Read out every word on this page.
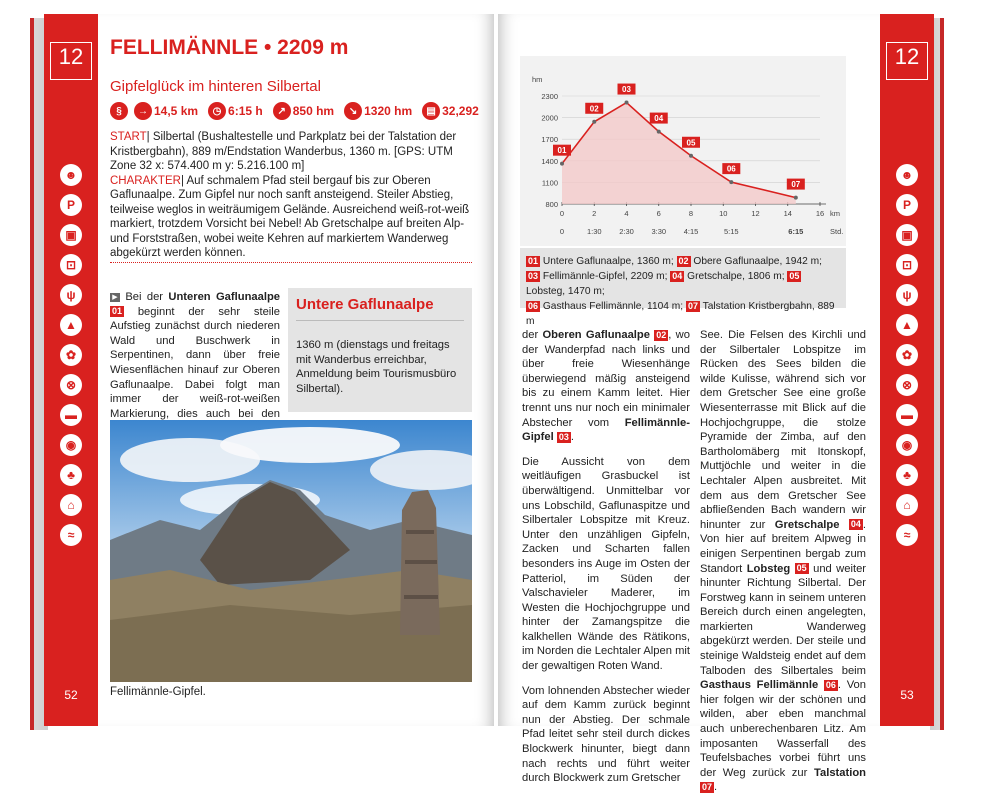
12
☻
P
▣
⊡
ψ
▲
✿
⊗
▬
◉
♣
⌂
≈
52
FELLIMÄNNLE • 2209 m
Gipfelglück im hinteren Silbertal
§	→ 14,5 km	◷ 6:15 h	↗ 850 hm	↘ 1320 hm	▤ 32,292
START| Silbertal (Bushaltestelle und Parkplatz bei der Talstation der Kristbergbahn), 889 m/Endstation Wanderbus, 1360 m. [GPS: UTM Zone 32 x: 574.400 m y: 5.216.100 m]
CHARAKTER| Auf schmalem Pfad steil bergauf bis zur Oberen Gaflunaalpe. Zum Gipfel nur noch sanft ansteigend. Steiler Abstieg, teilweise weglos in weiträumigem Gelände. Ausreichend weiß-rot-weiß markiert, trotzdem Vorsicht bei Nebel! Ab Gretschalpe auf breiten Alp- und Forststraßen, wobei weite Kehren auf markiertem Wanderweg abgekürzt werden können.
▶ Bei der Unteren Gaflunaalpe 01 beginnt der sehr steile Aufstieg zunächst durch niederen Wald und Buschwerk in Serpentinen, dann über freie Wiesenflächen hinauf zur Oberen Gaflunaalpe. Dabei folgt man immer der weiß-rot-weißen Markierung, dies auch bei den
Untere Gaflunaalpe
1360 m (dienstags und freitags mit Wanderbus erreichbar, Anmeldung beim Tourismusbüro Silbertal).
Fellimännle-Gipfel.
12
☻
P
▣
⊡
ψ
▲
✿
⊗
▬
◉
♣
⌂
≈
53
800
1100
1400
1700
2000
2300
hm
0	2	4	6	8	10	12	14	16 km
0	1:30 2:30 3:30 4:15	5:15	6:15	Std.
01
02
03
04
05
06
07
01 Untere Gaflunaalpe, 1360 m; 02 Obere Gaflunaalpe, 1942 m;
03 Fellimännle-Gipfel, 2209 m; 04 Gretschalpe, 1806 m; 05 Lobsteg, 1470 m;
06 Gasthaus Fellimännle, 1104 m; 07 Talstation Kristbergbahn, 889 m

der Oberen Gaflunaalpe 02 , wo der Wanderpfad nach links und über freie Wiesenhänge überwiegend mäßig ansteigend bis zu einem Kamm leitet. Hier trennt uns nur noch ein minimaler Abstecher vom Fellimännle-Gipfel 03 .

Die Aussicht von dem weitläufigen Grasbuckel ist überwältigend. Unmittelbar vor uns Lobschild, Gaflunaspitze und Silbertaler Lobspitze mit Kreuz. Unter den unzähligen Gipfeln, Zacken und Scharten fallen besonders ins Auge im Osten der Patteriol, im Süden der Valschavieler Maderer, im Westen die Hochjochgruppe und hinter der Zamangspitze die kalkhellen Wände des Rätikons, im Norden die Lechtaler Alpen mit der gewaltigen Roten Wand.

Vom lohnenden Abstecher wieder auf dem Kamm zurück beginnt nun der Abstieg. Der schmale Pfad leitet sehr steil durch dickes Blockwerk hinunter, biegt dann nach rechts und führt weiter durch Blockwerk zum Gretscher

See. Die Felsen des Kirchli und der Silbertaler Lobspitze im Rücken des Sees bilden die wilde Kulisse, während sich vor dem Gretscher See eine große Wiesenterrasse mit Blick auf die Hochjochgruppe, die stolze Pyramide der Zimba, auf den Bartholomäberg mit Itonskopf, Muttjöchle und weiter in die Lechtaler Alpen ausbreitet. Mit dem aus dem Gretscher See abfließenden Bach wandern wir hinunter zur Gretschalpe 04 . Von hier auf breitem Alpweg in einigen Serpentinen bergab zum Standort Lobsteg 05 und weiter hinunter Richtung Silbertal. Der Forstweg kann in seinem unteren Bereich durch einen angelegten, markierten Wanderweg abgekürzt werden. Der steile und steinige Waldsteig endet auf dem Talboden des Silbertales beim Gasthaus Fellimännle 06 . Von hier folgen wir der schönen und wilden, aber eben manchmal auch unberechenbaren Litz. Am imposanten Wasserfall des Teufelsbaches vorbei führt uns der Weg zurück zur Talstation 07 .
